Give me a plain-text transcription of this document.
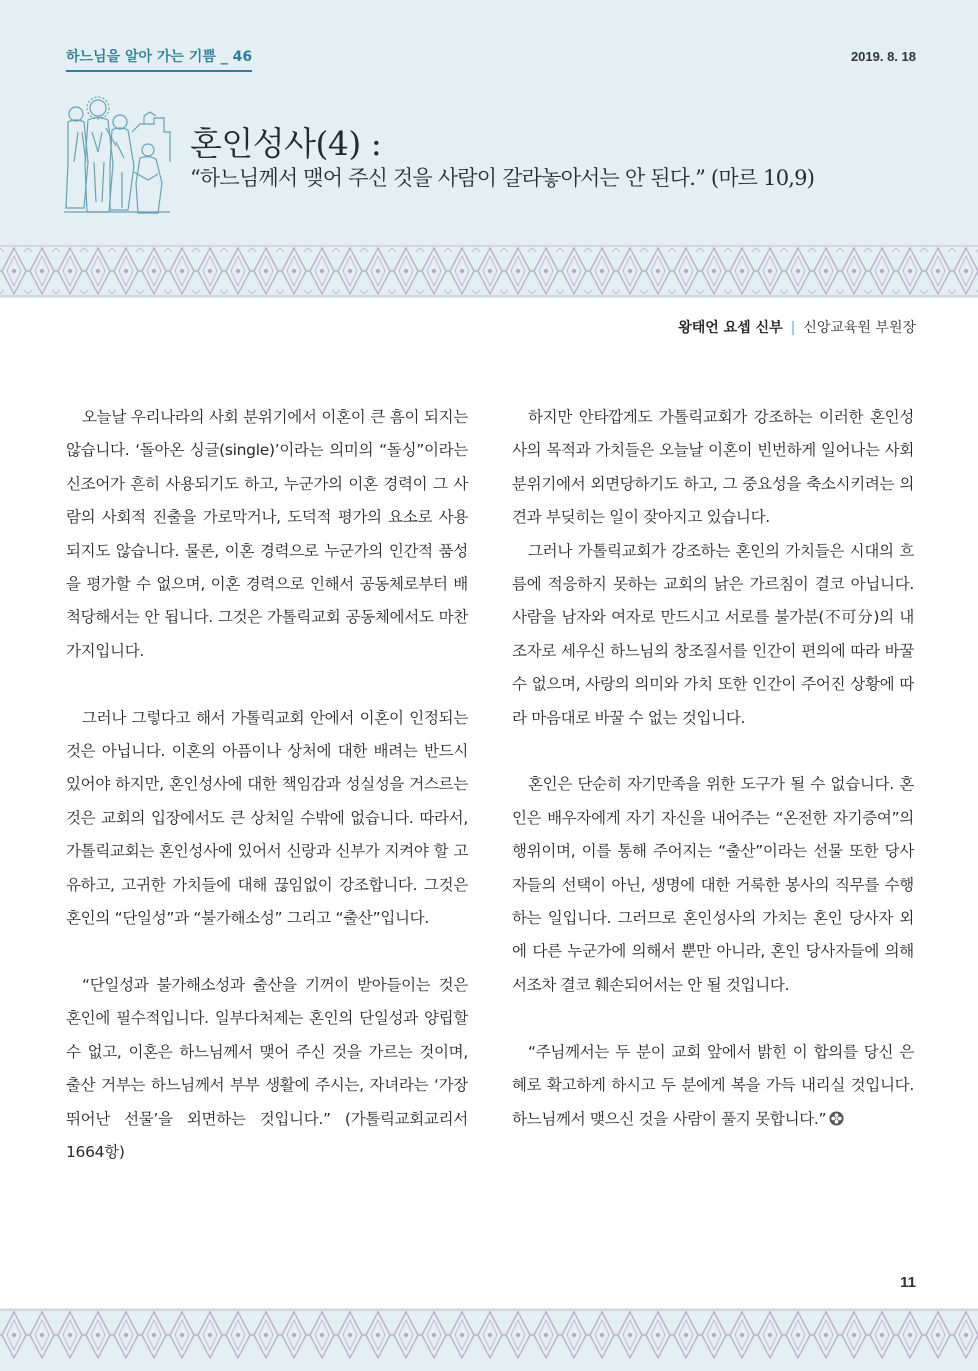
하느님을 알아 가는 기쁨 _ 46	2019. 8. 18
혼인성사(4) :
“하느님께서 맺어 주신 것을 사람이 갈라놓아서는 안 된다.” (마르 10,9)
왕태언 요셉 신부 | 신앙교육원 부원장

오늘날 우리나라의 사회 분위기에서 이혼이 큰 흠이 되지는 않습니다. ‘돌아온 싱글(single)’이라는 의미의 “돌싱”이라는 신조어가 흔히 사용되기도 하고, 누군가의 이혼 경력이 그 사람의 사회적 진출을 가로막거나, 도덕적 평가의 요소로 사용되지도 않습니다. 물론, 이혼 경력으로 누군가의 인간적 품성을 평가할 수 없으며, 이혼 경력으로 인해서 공동체로부터 배척당해서는 안 됩니다. 그것은 가톨릭교회 공동체에서도 마찬가지입니다.

그러나 그렇다고 해서 가톨릭교회 안에서 이혼이 인정되는 것은 아닙니다. 이혼의 아픔이나 상처에 대한 배려는 반드시 있어야 하지만, 혼인성사에 대한 책임감과 성실성을 거스르는 것은 교회의 입장에서도 큰 상처일 수밖에 없습니다. 따라서, 가톨릭교회는 혼인성사에 있어서 신랑과 신부가 지켜야 할 고유하고, 고귀한 가치들에 대해 끊임없이 강조합니다. 그것은 혼인의 “단일성”과 “불가해소성” 그리고 “출산”입니다.

“단일성과 불가해소성과 출산을 기꺼이 받아들이는 것은 혼인에 필수적입니다. 일부다처제는 혼인의 단일성과 양립할 수 없고, 이혼은 하느님께서 맺어 주신 것을 가르는 것이며, 출산 거부는 하느님께서 부부 생활에 주시는, 자녀라는 ‘가장 뛰어난 선물’을 외면하는 것입니다.” (가톨릭교회교리서 1664항)

하지만 안타깝게도 가톨릭교회가 강조하는 이러한 혼인성사의 목적과 가치들은 오늘날 이혼이 빈번하게 일어나는 사회 분위기에서 외면당하기도 하고, 그 중요성을 축소시키려는 의견과 부딪히는 일이 잦아지고 있습니다.

그러나 가톨릭교회가 강조하는 혼인의 가치들은 시대의 흐름에 적응하지 못하는 교회의 낡은 가르침이 결코 아닙니다. 사람을 남자와 여자로 만드시고 서로를 불가분(不可分)의 내조자로 세우신 하느님의 창조질서를 인간이 편의에 따라 바꿀 수 없으며, 사랑의 의미와 가치 또한 인간이 주어진 상황에 따라 마음대로 바꿀 수 없는 것입니다.

혼인은 단순히 자기만족을 위한 도구가 될 수 없습니다. 혼인은 배우자에게 자기 자신을 내어주는 “온전한 자기증여”의 행위이며, 이를 통해 주어지는 “출산”이라는 선물 또한 당사자들의 선택이 아닌, 생명에 대한 거룩한 봉사의 직무를 수행하는 일입니다. 그러므로 혼인성사의 가치는 혼인 당사자 외에 다른 누군가에 의해서 뿐만 아니라, 혼인 당사자들에 의해서조차 결코 훼손되어서는 안 될 것입니다.

“주님께서는 두 분이 교회 앞에서 밝힌 이 합의를 당신 은혜로 확고하게 하시고 두 분에게 복을 가득 내리실 것입니다. 하느님께서 맺으신 것을 사람이 풀지 못합니다.”

11
